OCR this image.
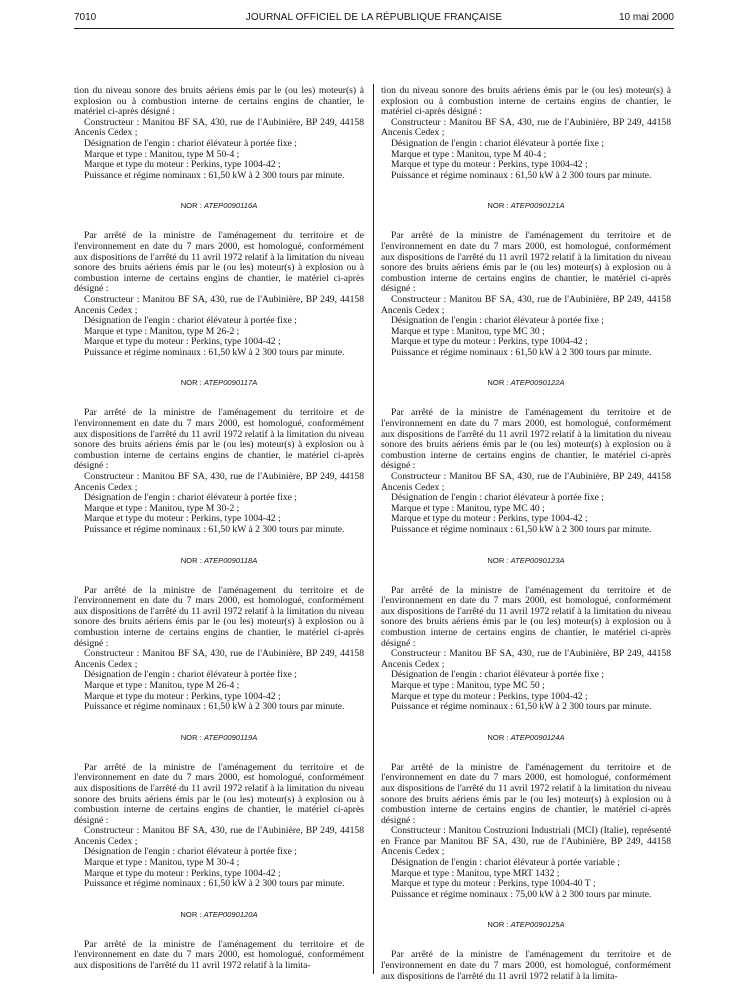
7010	JOURNAL OFFICIEL DE LA RÉPUBLIQUE FRANÇAISE	10 mai 2000

tion du niveau sonore des bruits aériens émis par le (ou les) moteur(s) à explosion ou à combustion interne de certains engins de chantier, le matériel ci-après désigné :

Constructeur : Manitou BF SA, 430, rue de l'Aubinière, BP 249, 44158 Ancenis Cedex ;

Désignation de l'engin : chariot élévateur à portée fixe ;

Marque et type : Manitou, type M 50-4 ;

Marque et type du moteur : Perkins, type 1004-42 ;

Puissance et régime nominaux : 61,50 kW à 2 300 tours par minute.

NOR : ATEP0090116A

Par arrêté de la ministre de l'aménagement du territoire et de l'environnement en date du 7 mars 2000, est homologué, conformément aux dispositions de l'arrêté du 11 avril 1972 relatif à la limitation du niveau sonore des bruits aériens émis par le (ou les) moteur(s) à explosion ou à combustion interne de certains engins de chantier, le matériel ci-après désigné :

Constructeur : Manitou BF SA, 430, rue de l'Aubinière, BP 249, 44158 Ancenis Cedex ;

Désignation de l'engin : chariot élévateur à portée fixe ;

Marque et type : Manitou, type M 26-2 ;

Marque et type du moteur : Perkins, type 1004-42 ;

Puissance et régime nominaux : 61,50 kW à 2 300 tours par minute.

NOR : ATEP0090117A

Par arrêté de la ministre de l'aménagement du territoire et de l'environnement en date du 7 mars 2000, est homologué, conformément aux dispositions de l'arrêté du 11 avril 1972 relatif à la limitation du niveau sonore des bruits aériens émis par le (ou les) moteur(s) à explosion ou à combustion interne de certains engins de chantier, le matériel ci-après désigné :

Constructeur : Manitou BF SA, 430, rue de l'Aubinière, BP 249, 44158 Ancenis Cedex ;

Désignation de l'engin : chariot élévateur à portée fixe ;

Marque et type : Manitou, type M 30-2 ;

Marque et type du moteur : Perkins, type 1004-42 ;

Puissance et régime nominaux : 61,50 kW à 2 300 tours par minute.

NOR : ATEP0090118A

Par arrêté de la ministre de l'aménagement du territoire et de l'environnement en date du 7 mars 2000, est homologué, conformément aux dispositions de l'arrêté du 11 avril 1972 relatif à la limitation du niveau sonore des bruits aériens émis par le (ou les) moteur(s) à explosion ou à combustion interne de certains engins de chantier, le matériel ci-après désigné :

Constructeur : Manitou BF SA, 430, rue de l'Aubinière, BP 249, 44158 Ancenis Cedex ;

Désignation de l'engin : chariot élévateur à portée fixe ;

Marque et type : Manitou, type M 26-4 ;

Marque et type du moteur : Perkins, type 1004-42 ;

Puissance et régime nominaux : 61,50 kW à 2 300 tours par minute.

NOR : ATEP0090119A

Par arrêté de la ministre de l'aménagement du territoire et de l'environnement en date du 7 mars 2000, est homologué, conformément aux dispositions de l'arrêté du 11 avril 1972 relatif à la limitation du niveau sonore des bruits aériens émis par le (ou les) moteur(s) à explosion ou à combustion interne de certains engins de chantier, le matériel ci-après désigné :

Constructeur : Manitou BF SA, 430, rue de l'Aubinière, BP 249, 44158 Ancenis Cedex ;

Désignation de l'engin : chariot élévateur à portée fixe ;

Marque et type : Manitou, type M 30-4 ;

Marque et type du moteur : Perkins, type 1004-42 ;

Puissance et régime nominaux : 61,50 kW à 2 300 tours par minute.

NOR : ATEP0090120A

Par arrêté de la ministre de l'aménagement du territoire et de l'environnement en date du 7 mars 2000, est homologué, conformément aux dispositions de l'arrêté du 11 avril 1972 relatif à la limita-

tion du niveau sonore des bruits aériens émis par le (ou les) moteur(s) à explosion ou à combustion interne de certains engins de chantier, le matériel ci-après désigné :

Constructeur : Manitou BF SA, 430, rue de l'Aubinière, BP 249, 44158 Ancenis Cedex ;

Désignation de l'engin : chariot élévateur à portée fixe ;

Marque et type : Manitou, type M 40-4 ;

Marque et type du moteur : Perkins, type 1004-42 ;

Puissance et régime nominaux : 61,50 kW à 2 300 tours par minute.

NOR : ATEP0090121A

Par arrêté de la ministre de l'aménagement du territoire et de l'environnement en date du 7 mars 2000, est homologué, conformément aux dispositions de l'arrêté du 11 avril 1972 relatif à la limitation du niveau sonore des bruits aériens émis par le (ou les) moteur(s) à explosion ou à combustion interne de certains engins de chantier, le matériel ci-après désigné :

Constructeur : Manitou BF SA, 430, rue de l'Aubinière, BP 249, 44158 Ancenis Cedex ;

Désignation de l'engin : chariot élévateur à portée fixe ;

Marque et type : Manitou, type MC 30 ;

Marque et type du moteur : Perkins, type 1004-42 ;

Puissance et régime nominaux : 61,50 kW à 2 300 tours par minute.

NOR : ATEP0090122A

Par arrêté de la ministre de l'aménagement du territoire et de l'environnement en date du 7 mars 2000, est homologué, conformément aux dispositions de l'arrêté du 11 avril 1972 relatif à la limitation du niveau sonore des bruits aériens émis par le (ou les) moteur(s) à explosion ou à combustion interne de certains engins de chantier, le matériel ci-après désigné :

Constructeur : Manitou BF SA, 430, rue de l'Aubinière, BP 249, 44158 Ancenis Cedex ;

Désignation de l'engin : chariot élévateur à portée fixe ;

Marque et type : Manitou, type MC 40 ;

Marque et type du moteur : Perkins, type 1004-42 ;

Puissance et régime nominaux : 61,50 kW à 2 300 tours par minute.

NOR : ATEP0090123A

Par arrêté de la ministre de l'aménagement du territoire et de l'environnement en date du 7 mars 2000, est homologué, conformément aux dispositions de l'arrêté du 11 avril 1972 relatif à la limitation du niveau sonore des bruits aériens émis par le (ou les) moteur(s) à explosion ou à combustion interne de certains engins de chantier, le matériel ci-après désigné :

Constructeur : Manitou BF SA, 430, rue de l'Aubinière, BP 249, 44158 Ancenis Cedex ;

Désignation de l'engin : chariot élévateur à portée fixe ;

Marque et type : Manitou, type MC 50 ;

Marque et type du moteur : Perkins, type 1004-42 ;

Puissance et régime nominaux : 61,50 kW à 2 300 tours par minute.

NOR : ATEP0090124A

Par arrêté de la ministre de l'aménagement du territoire et de l'environnement en date du 7 mars 2000, est homologué, conformément aux dispositions de l'arrêté du 11 avril 1972 relatif à la limitation du niveau sonore des bruits aériens émis par le (ou les) moteur(s) à explosion ou à combustion interne de certains engins de chantier, le matériel ci-après désigné :

Constructeur : Manitou Costruzioni Industriali (MCI) (Italie), représenté en France par Manitou BF SA, 430, rue de l'Aubinière, BP 249, 44158 Ancenis Cedex ;

Désignation de l'engin : chariot élévateur à portée variable ;

Marque et type : Manitou, type MRT 1432 ;

Marque et type du moteur : Perkins, type 1004-40 T ;

Puissance et régime nominaux : 75,00 kW à 2 300 tours par minute.

NOR : ATEP0090125A

Par arrêté de la ministre de l'aménagement du territoire et de l'environnement en date du 7 mars 2000, est homologué, conformément aux dispositions de l'arrêté du 11 avril 1972 relatif à la limita-
